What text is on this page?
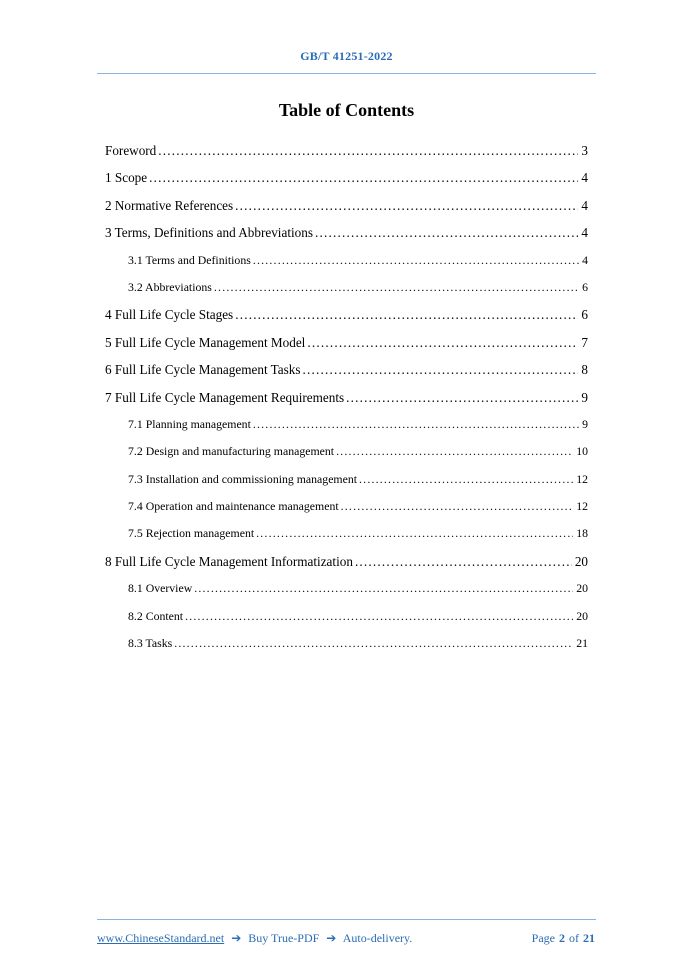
GB/T 41251-2022
Table of Contents
Foreword .....	3
1 Scope .....	4
2 Normative References .....	4
3 Terms, Definitions and Abbreviations .....	4
3.1 Terms and Definitions .....	4
3.2 Abbreviations .....	6
4 Full Life Cycle Stages .....	6
5 Full Life Cycle Management Model .....	7
6 Full Life Cycle Management Tasks .....	8
7 Full Life Cycle Management Requirements .....	9
7.1 Planning management .....	9
7.2 Design and manufacturing management .....	10
7.3 Installation and commissioning management .....	12
7.4 Operation and maintenance management .....	12
7.5 Rejection management .....	18
8 Full Life Cycle Management Informatization .....	20
8.1 Overview .....	20
8.2 Content .....	20
8.3 Tasks .....	21
www.ChineseStandard.net ➔ Buy True-PDF ➔ Auto-delivery.	Page 2 of 21
